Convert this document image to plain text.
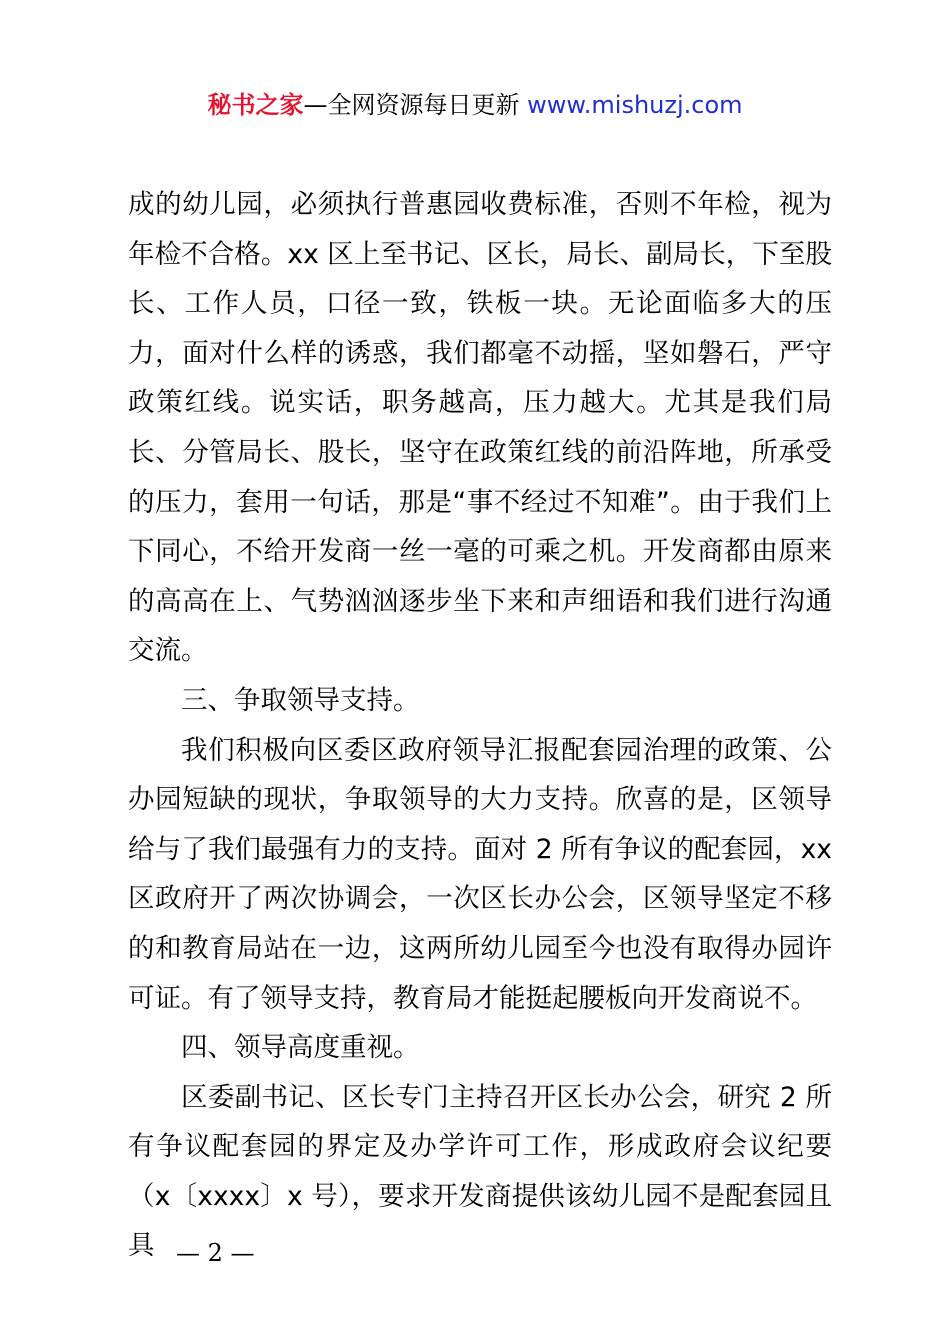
秘书之家—全网资源每日更新 www.mishuzj.com

成的幼儿园，必须执行普惠园收费标准，否则不年检，视为年检不合格。xx 区上至书记、区长，局长、副局长，下至股长、工作人员，口径一致，铁板一块。无论面临多大的压力，面对什么样的诱惑，我们都毫不动摇，坚如磐石，严守政策红线。说实话，职务越高，压力越大。尤其是我们局长、分管局长、股长，坚守在政策红线的前沿阵地，所承受的压力，套用一句话，那是“事不经过不知难”。由于我们上下同心，不给开发商一丝一毫的可乘之机。开发商都由原来的高高在上、气势汹汹逐步坐下来和声细语和我们进行沟通交流。

三、争取领导支持。

我们积极向区委区政府领导汇报配套园治理的政策、公办园短缺的现状，争取领导的大力支持。欣喜的是，区领导给与了我们最强有力的支持。面对 2 所有争议的配套园，xx 区政府开了两次协调会，一次区长办公会，区领导坚定不移的和教育局站在一边，这两所幼儿园至今也没有取得办园许可证。有了领导支持，教育局才能挺起腰板向开发商说不。

四、领导高度重视。

区委副书记、区长专门主持召开区长办公会，研究 2 所有争议配套园的界定及办学许可工作，形成政府会议纪要（x〔xxxx〕x 号），要求开发商提供该幼儿园不是配套园且具 — 2 —
